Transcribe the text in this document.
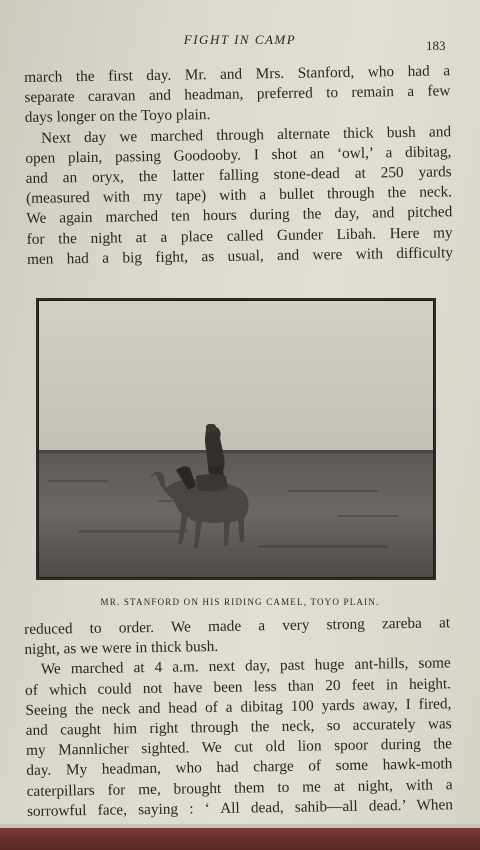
FIGHT IN CAMP	183

march the first day. Mr. and Mrs. Stanford, who had a
separate caravan and headman, preferred to remain a few
days longer on the Toyo plain.

Next day we marched through alternate thick bush and
open plain, passing Goodooby. I shot an ‘owl,’ a dibitag,
and an oryx, the latter falling stone-dead at 250 yards
(measured with my tape) with a bullet through the neck.
We again marched ten hours during the day, and pitched
for the night at a place called Gunder Libah. Here my
men had a big fight, as usual, and were with difficulty

MR. STANFORD ON HIS RIDING CAMEL, TOYO PLAIN.

reduced to order. We made a very strong zareba at
night, as we were in thick bush.

We marched at 4 a.m. next day, past huge ant-hills, some
of which could not have been less than 20 feet in height.
Seeing the neck and head of a dibitag 100 yards away, I fired,
and caught him right through the neck, so accurately was
my Mannlicher sighted. We cut old lion spoor during the
day. My headman, who had charge of some hawk-moth
caterpillars for me, brought them to me at night, with a
sorrowful face, saying : ‘ All dead, sahib—all dead.’ When
